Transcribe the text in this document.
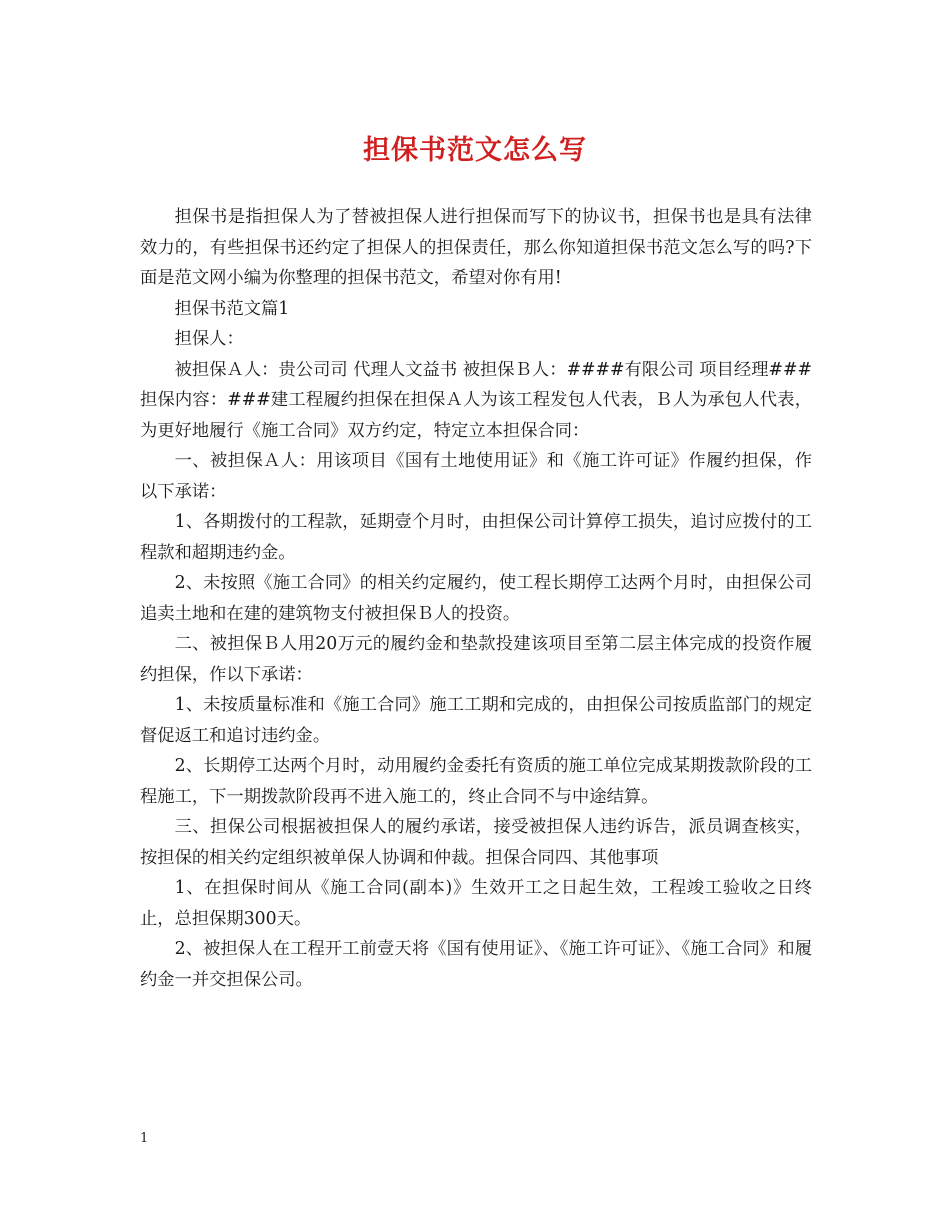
担保书范文怎么写

担保书是指担保人为了替被担保人进行担保而写下的协议书，担保书也是具有法律效力的，有些担保书还约定了担保人的担保责任，那么你知道担保书范文怎么写的吗?下面是范文网小编为你整理的担保书范文，希望对你有用!

担保书范文篇1

担保人：

被担保Ａ人：贵公司司 代理人文益书 被担保Ｂ人：####有限公司 项目经理### 担保内容：###建工程履约担保在担保Ａ人为该工程发包人代表，Ｂ人为承包人代表，为更好地履行《施工合同》双方约定，特定立本担保合同：

一、被担保Ａ人：用该项目《国有土地使用证》和《施工许可证》作履约担保，作以下承诺：

1、各期拨付的工程款，延期壹个月时，由担保公司计算停工损失，追讨应拨付的工程款和超期违约金。

2、未按照《施工合同》的相关约定履约，使工程长期停工达两个月时，由担保公司追卖土地和在建的建筑物支付被担保Ｂ人的投资。

二、被担保Ｂ人用20万元的履约金和垫款投建该项目至第二层主体完成的投资作履约担保，作以下承诺：

1、未按质量标准和《施工合同》施工工期和完成的，由担保公司按质监部门的规定督促返工和追讨违约金。

2、长期停工达两个月时，动用履约金委托有资质的施工单位完成某期拨款阶段的工程施工，下一期拨款阶段再不进入施工的，终止合同不与中途结算。

三、担保公司根据被担保人的履约承诺，接受被担保人违约诉告，派员调查核实，按担保的相关约定组织被单保人协调和仲裁。担保合同四、其他事项

1、在担保时间从《施工合同(副本)》生效开工之日起生效，工程竣工验收之日终止，总担保期300天。

2、被担保人在工程开工前壹天将《国有使用证》、《施工许可证》、《施工合同》和履约金一并交担保公司。

1
